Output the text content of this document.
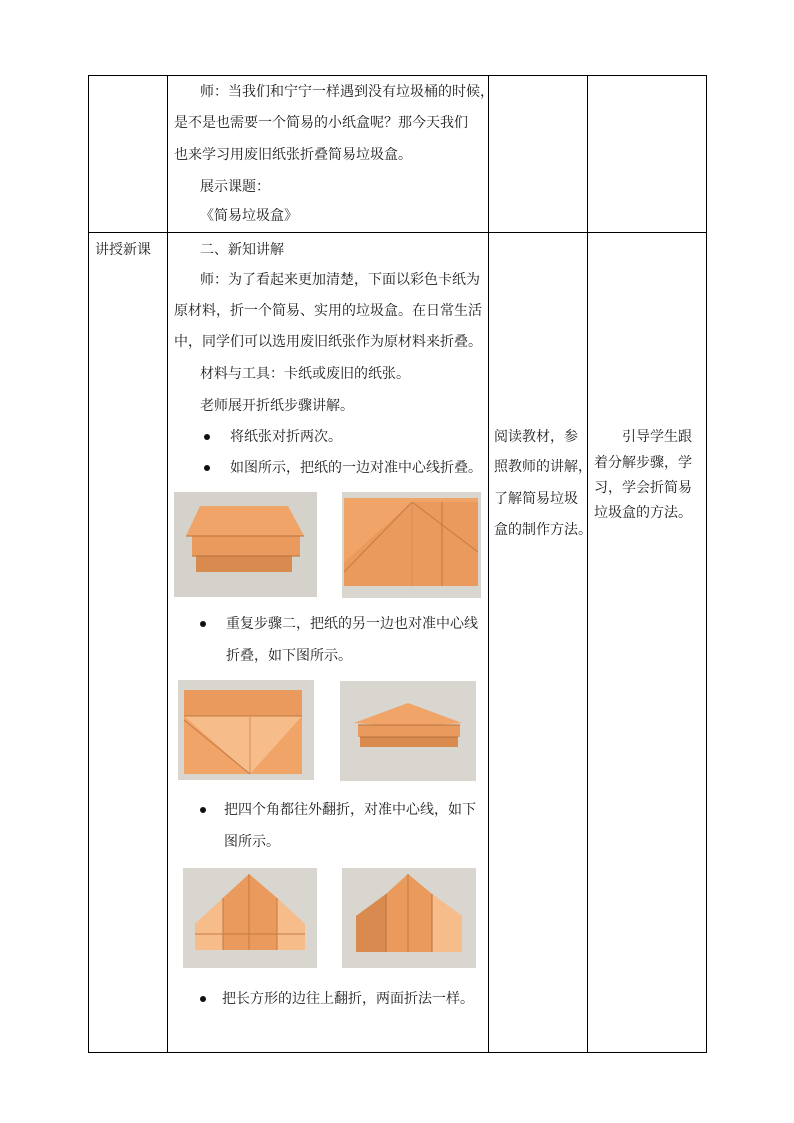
师：当我们和宁宁一样遇到没有垃圾桶的时候，
是不是也需要一个简易的小纸盒呢？那今天我们
也来学习用废旧纸张折叠简易垃圾盒。
展示课题：
《简易垃圾盒》
讲授新课	二、新知讲解
师：为了看起来更加清楚，下面以彩色卡纸为
原材料，折一个简易、实用的垃圾盒。在日常生活
中，同学们可以选用废旧纸张作为原材料来折叠。
材料与工具：卡纸或废旧的纸张。
老师展开折纸步骤讲解。
将纸张对折两次。
如图所示，把纸的一边对准中心线折叠。
重复步骤二，把纸的另一边也对准中心线
折叠，如下图所示。
把四个角都往外翻折，对准中心线，如下
图所示。
把长方形的边往上翻折，两面折法一样。
阅读教材，参
照教师的讲解，
了解简易垃圾
盒的制作方法。
引导学生跟
着分解步骤，学
习，学会折简易
垃圾盒的方法。
